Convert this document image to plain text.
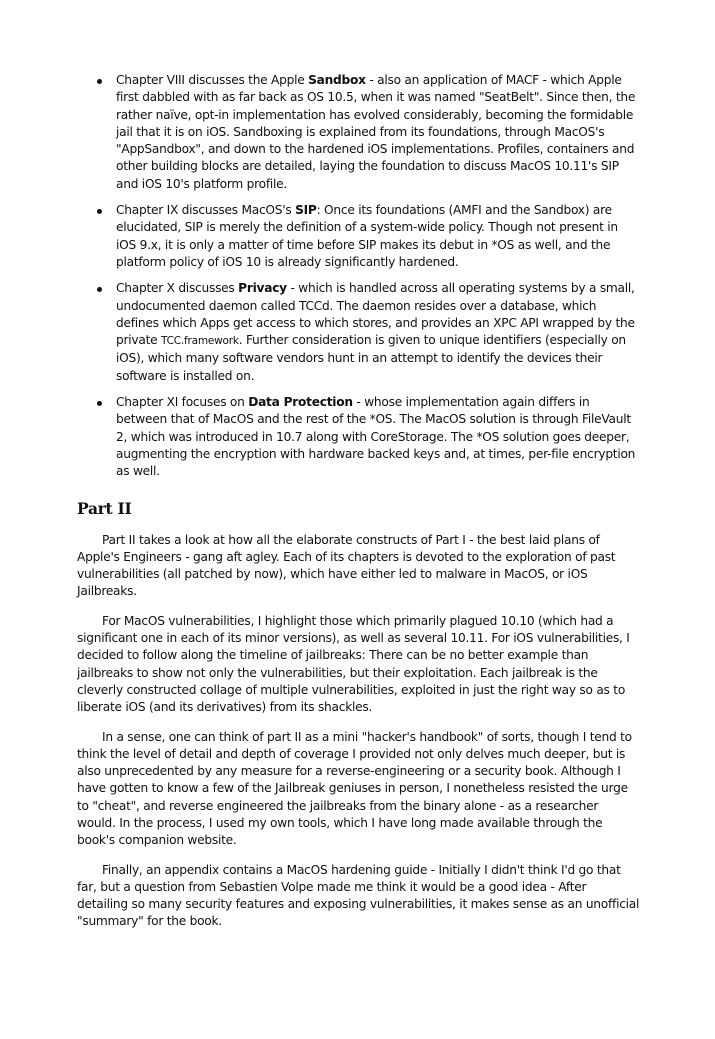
Chapter VIII discusses the Apple Sandbox - also an application of MACF - which Apple first dabbled with as far back as OS 10.5, when it was named "SeatBelt". Since then, the rather naïve, opt-in implementation has evolved considerably, becoming the formidable jail that it is on iOS. Sandboxing is explained from its foundations, through MacOS's "AppSandbox", and down to the hardened iOS implementations. Profiles, containers and other building blocks are detailed, laying the foundation to discuss MacOS 10.11's SIP and iOS 10's platform profile.
Chapter IX discusses MacOS's SIP: Once its foundations (AMFI and the Sandbox) are elucidated, SIP is merely the definition of a system-wide policy. Though not present in iOS 9.x, it is only a matter of time before SIP makes its debut in *OS as well, and the platform policy of iOS 10 is already significantly hardened.
Chapter X discusses Privacy - which is handled across all operating systems by a small, undocumented daemon called TCCd. The daemon resides over a database, which defines which Apps get access to which stores, and provides an XPC API wrapped by the private TCC.framework. Further consideration is given to unique identifiers (especially on iOS), which many software vendors hunt in an attempt to identify the devices their software is installed on.
Chapter XI focuses on Data Protection - whose implementation again differs in between that of MacOS and the rest of the *OS. The MacOS solution is through FileVault 2, which was introduced in 10.7 along with CoreStorage. The *OS solution goes deeper, augmenting the encryption with hardware backed keys and, at times, per-file encryption as well.
Part II

Part II takes a look at how all the elaborate constructs of Part I - the best laid plans of Apple's Engineers - gang aft agley. Each of its chapters is devoted to the exploration of past vulnerabilities (all patched by now), which have either led to malware in MacOS, or iOS Jailbreaks.

For MacOS vulnerabilities, I highlight those which primarily plagued 10.10 (which had a significant one in each of its minor versions), as well as several 10.11. For iOS vulnerabilities, I decided to follow along the timeline of jailbreaks: There can be no better example than jailbreaks to show not only the vulnerabilities, but their exploitation. Each jailbreak is the cleverly constructed collage of multiple vulnerabilities, exploited in just the right way so as to liberate iOS (and its derivatives) from its shackles.

In a sense, one can think of part II as a mini "hacker's handbook" of sorts, though I tend to think the level of detail and depth of coverage I provided not only delves much deeper, but is also unprecedented by any measure for a reverse-engineering or a security book. Although I have gotten to know a few of the Jailbreak geniuses in person, I nonetheless resisted the urge to "cheat", and reverse engineered the jailbreaks from the binary alone - as a researcher would. In the process, I used my own tools, which I have long made available through the book's companion website.

Finally, an appendix contains a MacOS hardening guide - Initially I didn't think I'd go that far, but a question from Sebastien Volpe made me think it would be a good idea - After detailing so many security features and exposing vulnerabilities, it makes sense as an unofficial "summary" for the book.
